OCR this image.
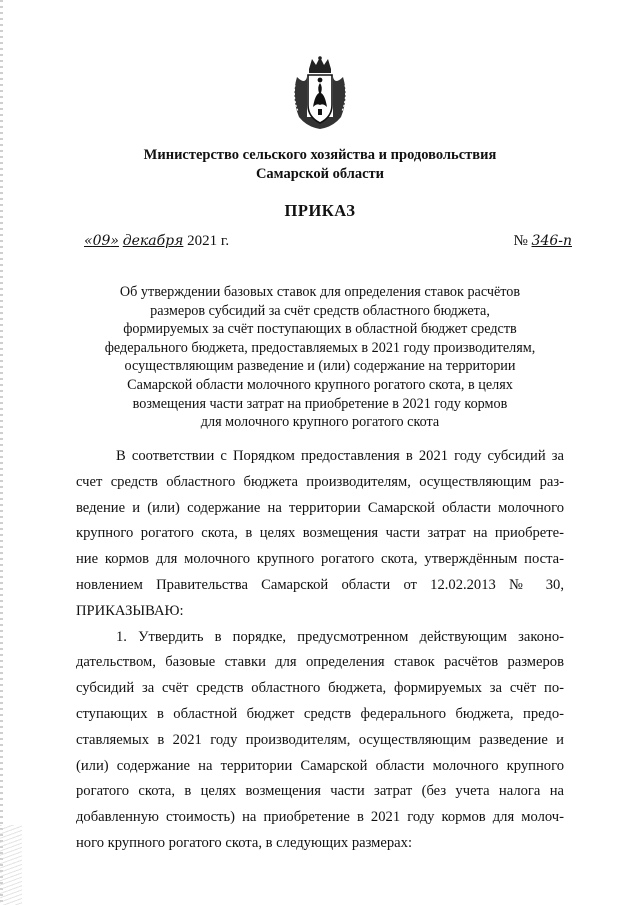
Министерство сельского хозяйства и продовольствия
Самарской области
ПРИКАЗ
«09» декабря 2021 г.	№ 346-п
Об утверждении базовых ставок для определения ставок расчётов
размеров субсидий за счёт средств областного бюджета,
формируемых за счёт поступающих в областной бюджет средств
федерального бюджета, предоставляемых в 2021 году производителям,
осуществляющим разведение и (или) содержание на территории
Самарской области молочного крупного рогатого скота, в целях
возмещения части затрат на приобретение в 2021 году кормов
для молочного крупного рогатого скота
В соответствии с Порядком предоставления в 2021 году субсидий за
счет средств областного бюджета производителям, осуществляющим раз-
ведение и (или) содержание на территории Самарской области молочного
крупного рогатого скота, в целях возмещения части затрат на приобрете-
ние кормов для молочного крупного рогатого скота, утверждённым поста-
новлением Правительства Самарской области от 12.02.2013 № 30,
ПРИКАЗЫВАЮ:
1. Утвердить в порядке, предусмотренном действующим законо-
дательством, базовые ставки для определения ставок расчётов размеров
субсидий за счёт средств областного бюджета, формируемых за счёт по-
ступающих в областной бюджет средств федерального бюджета, предо-
ставляемых в 2021 году производителям, осуществляющим разведение и
(или) содержание на территории Самарской области молочного крупного
рогатого скота, в целях возмещения части затрат (без учета налога на
добавленную стоимость) на приобретение в 2021 году кормов для молоч-
ного крупного рогатого скота, в следующих размерах:
